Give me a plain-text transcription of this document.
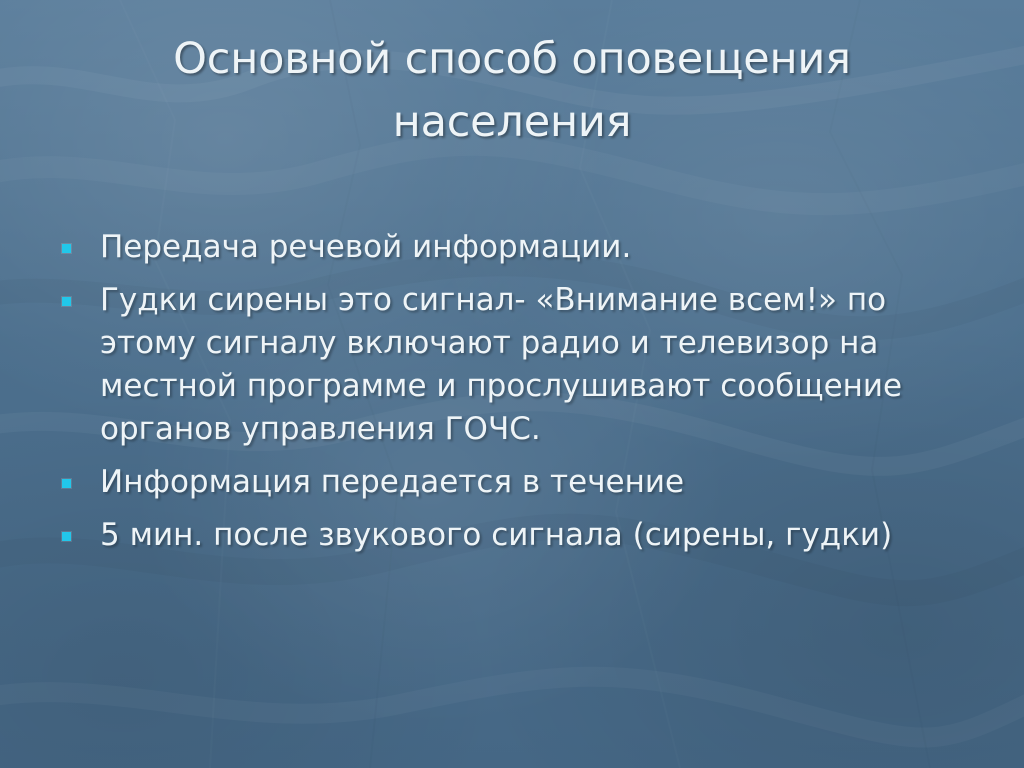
Основной способ оповещения населения
Передача речевой информации.
Гудки сирены это сигнал- «Внимание всем!» по этому сигналу включают радио и телевизор на местной программе и прослушивают сообщение органов управления ГОЧС.
Информация передается в течение
5 мин. после звукового сигнала (сирены, гудки)
